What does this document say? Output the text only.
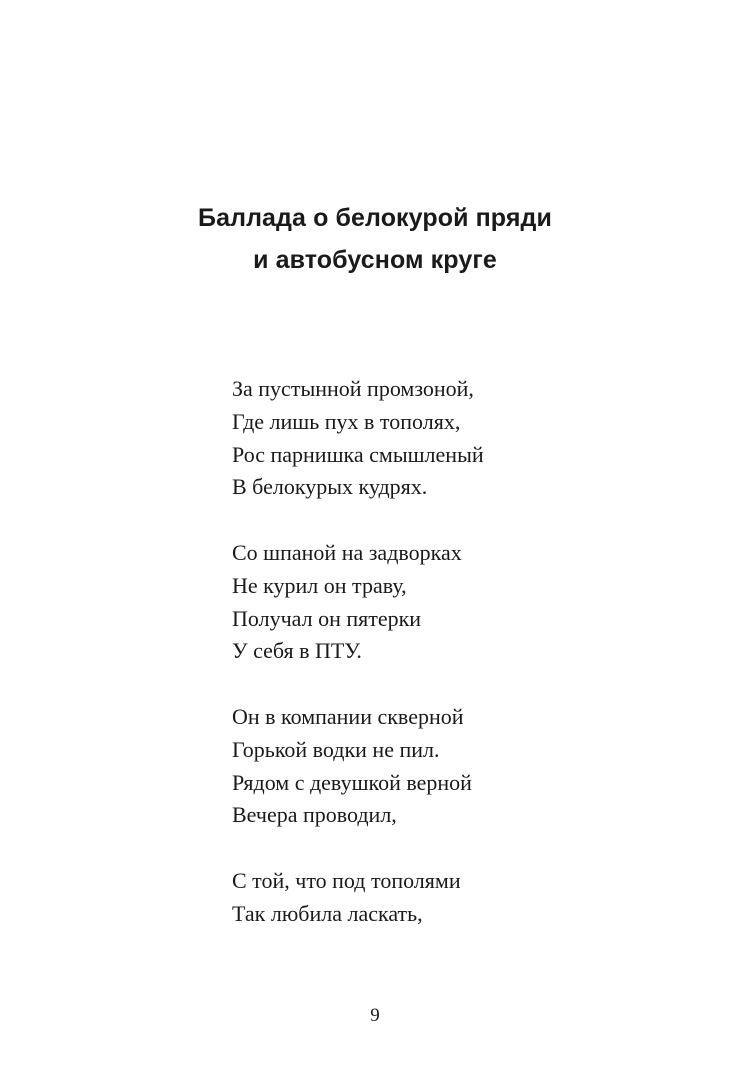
Баллада о белокурой пряди
и автобусном круге
За пустынной промзоной,
Где лишь пух в тополях,
Рос парнишка смышленый
В белокурых кудрях.
Со шпаной на задворках
Не курил он траву,
Получал он пятерки
У себя в ПТУ.
Он в компании скверной
Горькой водки не пил.
Рядом с девушкой верной
Вечера проводил,
С той, что под тополями
Так любила ласкать,
9
